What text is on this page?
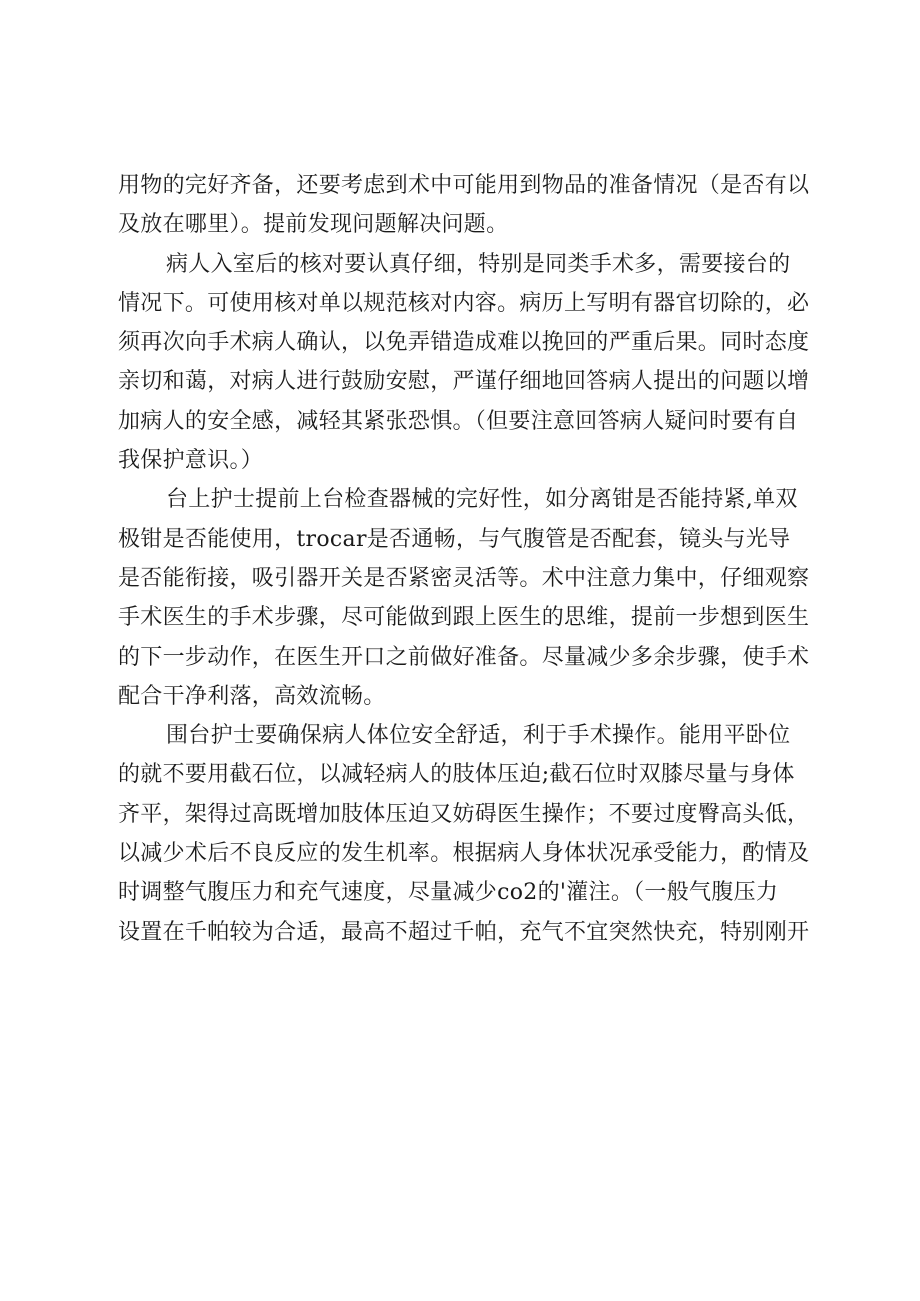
用物的完好齐备，还要考虑到术中可能用到物品的准备情况（是否有以
及放在哪里）。提前发现问题解决问题。
病人入室后的核对要认真仔细，特别是同类手术多，需要接台的
情况下。可使用核对单以规范核对内容。病历上写明有器官切除的，必
须再次向手术病人确认，以免弄错造成难以挽回的严重后果。同时态度
亲切和蔼，对病人进行鼓励安慰，严谨仔细地回答病人提出的问题以增
加病人的安全感，减轻其紧张恐惧。（但要注意回答病人疑问时要有自
我保护意识。）
台上护士提前上台检查器械的完好性，如分离钳是否能持紧,单双
极钳是否能使用，trocar是否通畅，与气腹管是否配套，镜头与光导
是否能衔接，吸引器开关是否紧密灵活等。术中注意力集中，仔细观察
手术医生的手术步骤，尽可能做到跟上医生的思维，提前一步想到医生
的下一步动作，在医生开口之前做好准备。尽量减少多余步骤，使手术
配合干净利落，高效流畅。
围台护士要确保病人体位安全舒适，利于手术操作。能用平卧位
的就不要用截石位，以减轻病人的肢体压迫;截石位时双膝尽量与身体
齐平，架得过高既增加肢体压迫又妨碍医生操作；不要过度臀高头低，
以减少术后不良反应的发生机率。根据病人身体状况承受能力，酌情及
时调整气腹压力和充气速度，尽量减少co2的'灌注。（一般气腹压力
设置在千帕较为合适，最高不超过千帕，充气不宜突然快充，特别刚开
